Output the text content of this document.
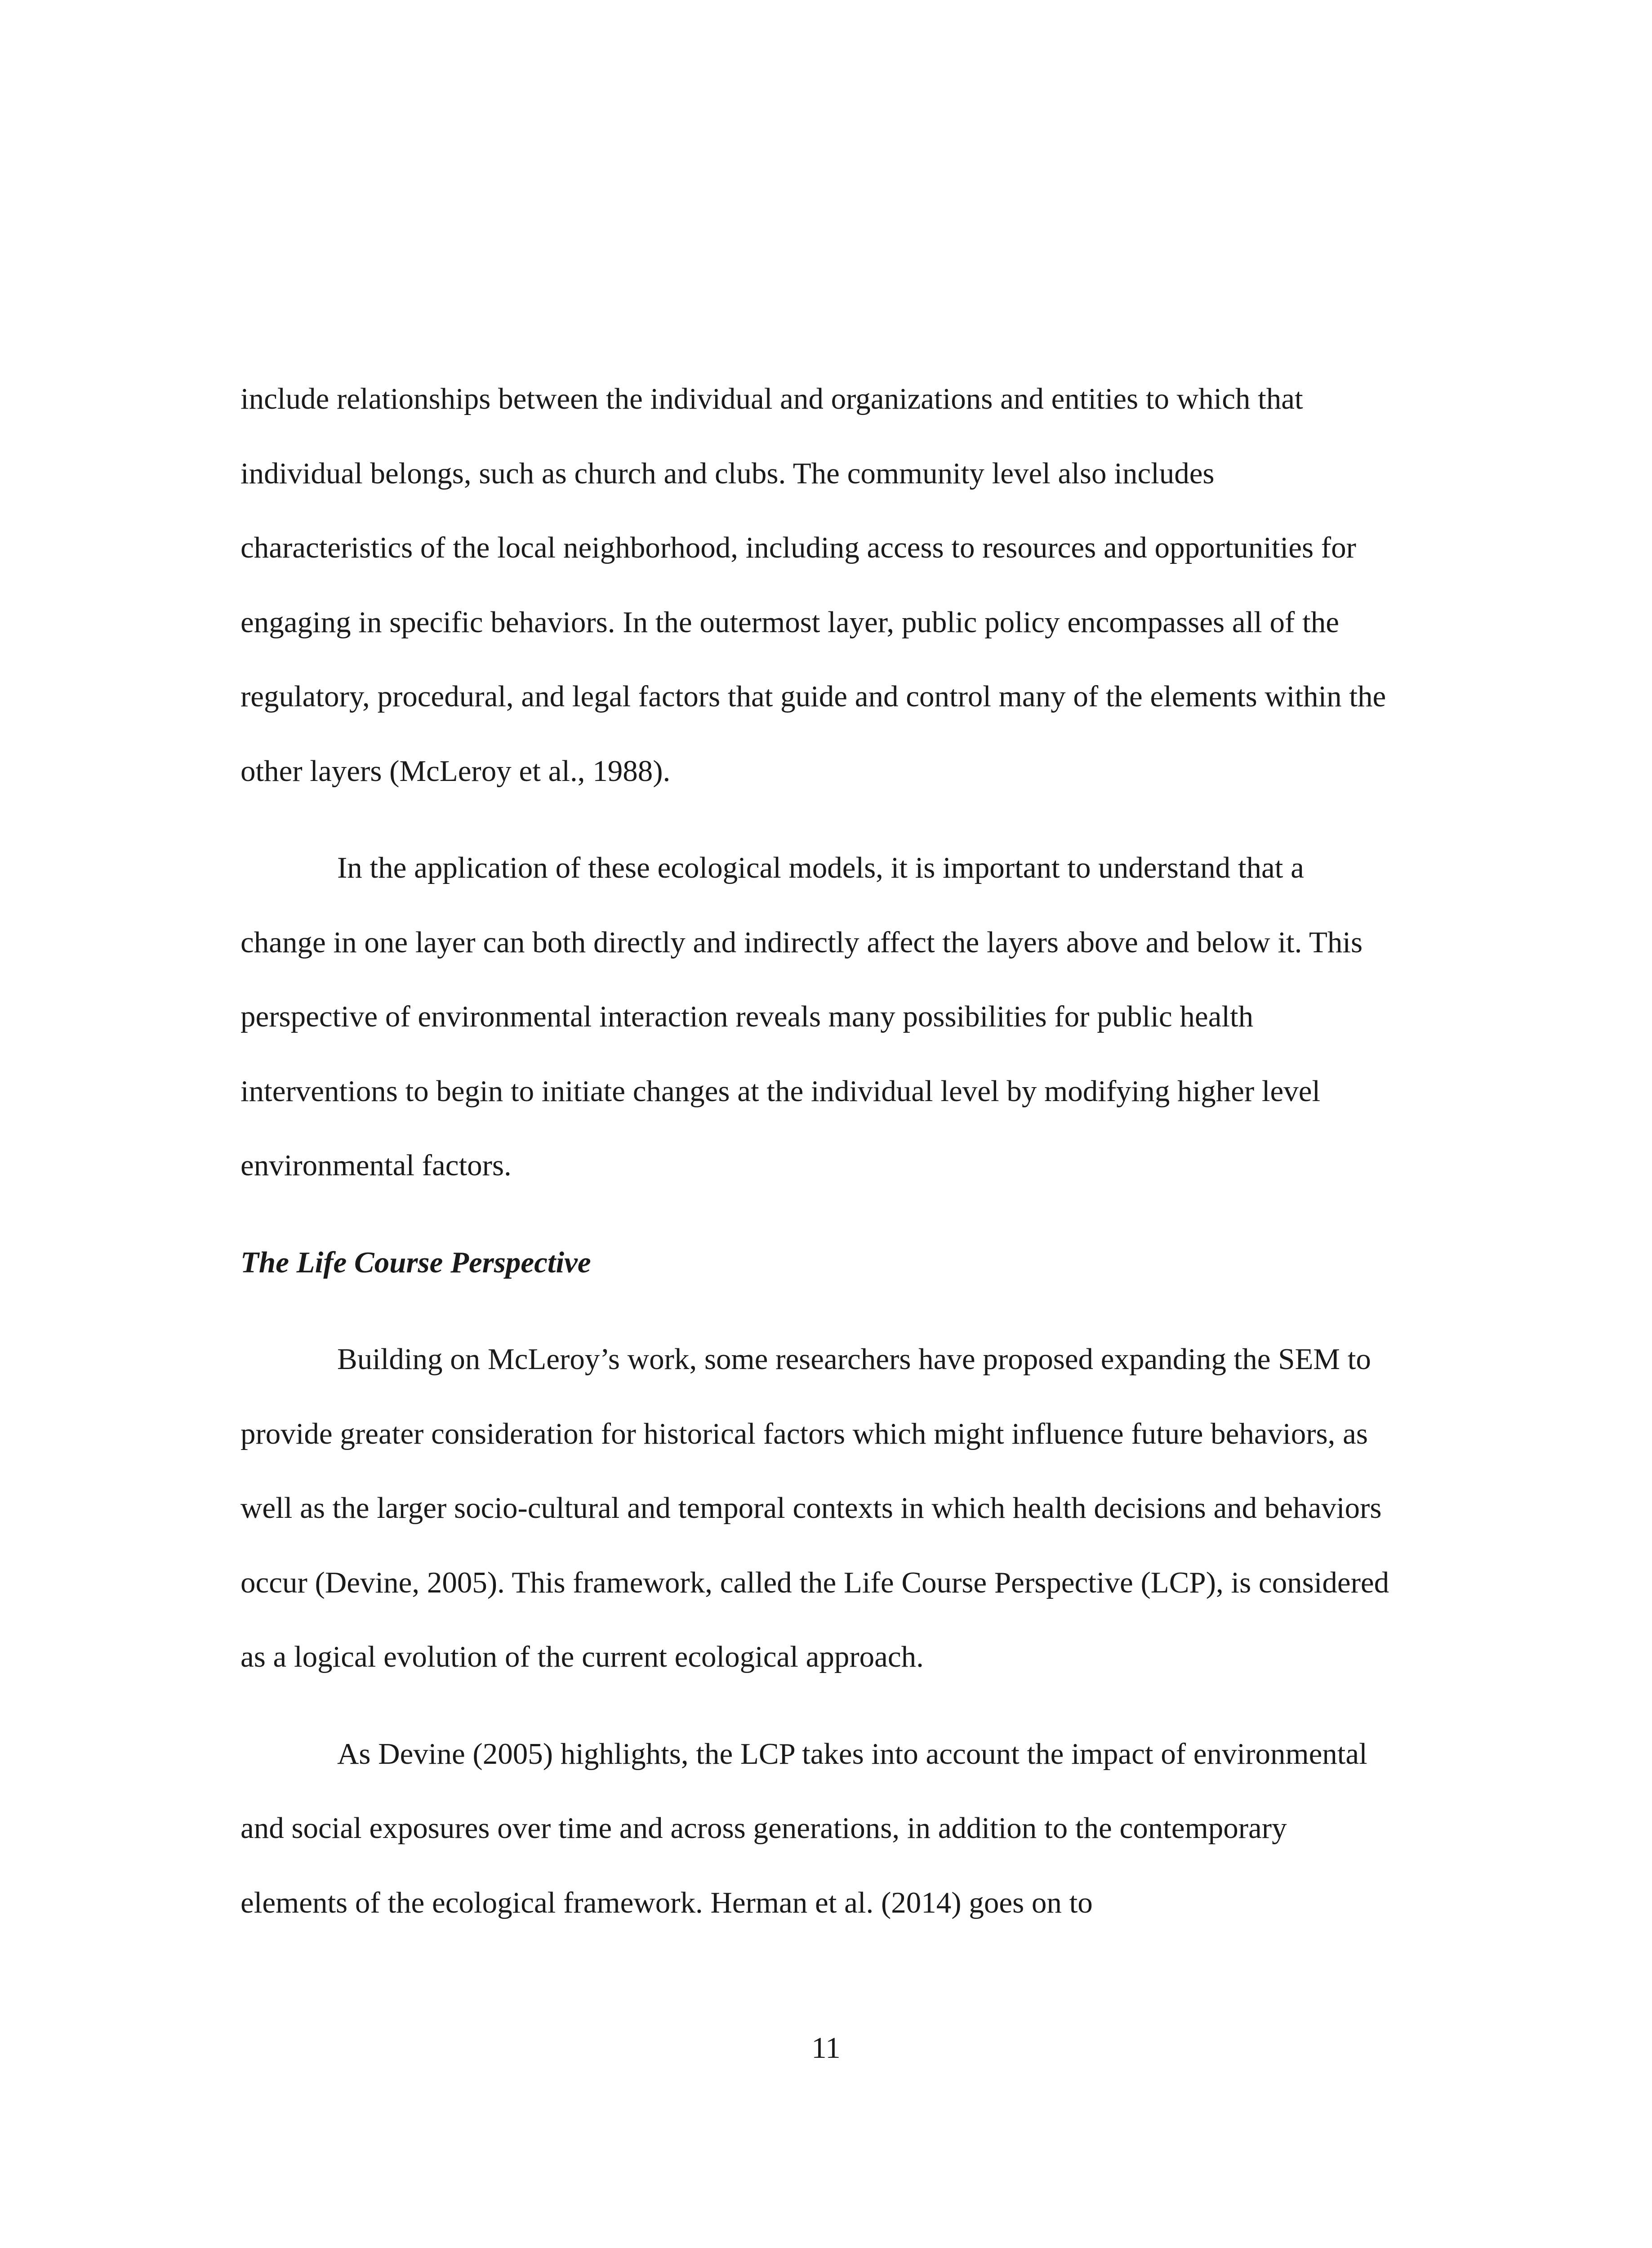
include relationships between the individual and organizations and entities to which that individual belongs, such as church and clubs. The community level also includes characteristics of the local neighborhood, including access to resources and opportunities for engaging in specific behaviors. In the outermost layer, public policy encompasses all of the regulatory, procedural, and legal factors that guide and control many of the elements within the other layers (McLeroy et al., 1988).

In the application of these ecological models, it is important to understand that a change in one layer can both directly and indirectly affect the layers above and below it. This perspective of environmental interaction reveals many possibilities for public health interventions to begin to initiate changes at the individual level by modifying higher level environmental factors.

The Life Course Perspective

Building on McLeroy’s work, some researchers have proposed expanding the SEM to provide greater consideration for historical factors which might influence future behaviors, as well as the larger socio-cultural and temporal contexts in which health decisions and behaviors occur (Devine, 2005). This framework, called the Life Course Perspective (LCP), is considered as a logical evolution of the current ecological approach.

As Devine (2005) highlights, the LCP takes into account the impact of environmental and social exposures over time and across generations, in addition to the contemporary elements of the ecological framework. Herman et al. (2014) goes on to

11
